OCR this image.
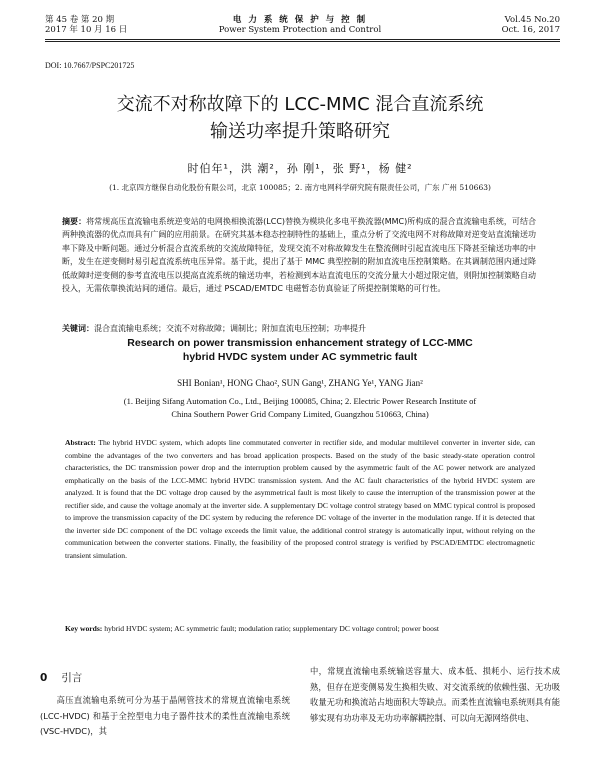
第 45 卷 第 20 期
2017 年 10 月 16 日
电 力 系 统 保 护 与 控 制
Power System Protection and Control
Vol.45 No.20
Oct. 16, 2017
DOI: 10.7667/PSPC201725
交流不对称故障下的 LCC-MMC 混合直流系统
输送功率提升策略研究
时伯年¹，洪 潮²，孙 刚¹，张 野¹，杨 健²
(1. 北京四方继保自动化股份有限公司，北京 100085；2. 南方电网科学研究院有限责任公司，广东 广州 510663)
摘要：将常规高压直流输电系统逆变站的电网换相换流器(LCC)替换为模块化多电平换流器(MMC)所构成的混合直流输电系统，可结合两种换流器的优点而具有广阔的应用前景。在研究其基本稳态控制特性的基础上，重点分析了交流电网不对称故障对逆变站直流输送功率下降及中断问题。通过分析混合直流系统的交流故障特征，发现交流不对称故障发生在整流侧时引起直流电压下降甚至输送功率的中断，发生在逆变侧时易引起直流系统电压异常。基于此，提出了基于 MMC 典型控制的附加直流电压控制策略。在其调制范围内通过降低故障时逆变侧的参考直流电压以提高直流系统的输送功率，若检测到本站直流电压的交流分量大小超过限定值，则附加控制策略自动投入，无需依靠换流站间的通信。最后，通过 PSCAD/EMTDC 电磁暂态仿真验证了所提控制策略的可行性。
关键词：混合直流输电系统；交流不对称故障；调制比；附加直流电压控制；功率提升
Research on power transmission enhancement strategy of LCC-MMC
hybrid HVDC system under AC symmetric fault
SHI Bonian¹, HONG Chao², SUN Gang¹, ZHANG Ye¹, YANG Jian²
(1. Beijing Sifang Automation Co., Ltd., Beijing 100085, China; 2. Electric Power Research Institute of
China Southern Power Grid Company Limited, Guangzhou 510663, China)
Abstract: The hybrid HVDC system, which adopts line commutated converter in rectifier side, and modular multilevel converter in inverter side, can combine the advantages of the two converters and has broad application prospects. Based on the study of the basic steady-state operation control characteristics, the DC transmission power drop and the interruption problem caused by the asymmetric fault of the AC power network are analyzed emphatically on the basis of the LCC-MMC hybrid HVDC transmission system. And the AC fault characteristics of the hybrid HVDC system are analyzed. It is found that the DC voltage drop caused by the asymmetrical fault is most likely to cause the interruption of the transmission power at the rectifier side, and cause the voltage anomaly at the inverter side. A supplementary DC voltage control strategy based on MMC typical control is proposed to improve the transmission capacity of the DC system by reducing the reference DC voltage of the inverter in the modulation range. If it is detected that the inverter side DC component of the DC voltage exceeds the limit value, the additional control strategy is automatically input, without relying on the communication between the converter stations. Finally, the feasibility of the proposed control strategy is verified by PSCAD/EMTDC electromagnetic transient simulation.
Key words: hybrid HVDC system; AC symmetric fault; modulation ratio; supplementary DC voltage control; power boost
0 引言
高压直流输电系统可分为基于晶闸管技术的常规直流输电系统 (LCC-HVDC) 和基于全控型电力电子器件技术的柔性直流输电系统 (VSC-HVDC)，其
中，常规直流输电系统输送容量大、成本低、损耗小、运行技术成熟，但存在逆变侧易发生换相失败、对交流系统的依赖性强、无功吸收量无功和换流站占地面积大等缺点。而柔性直流输电系统则具有能够实现有功功率及无功功率解耦控制、可以向无源网络供电、
